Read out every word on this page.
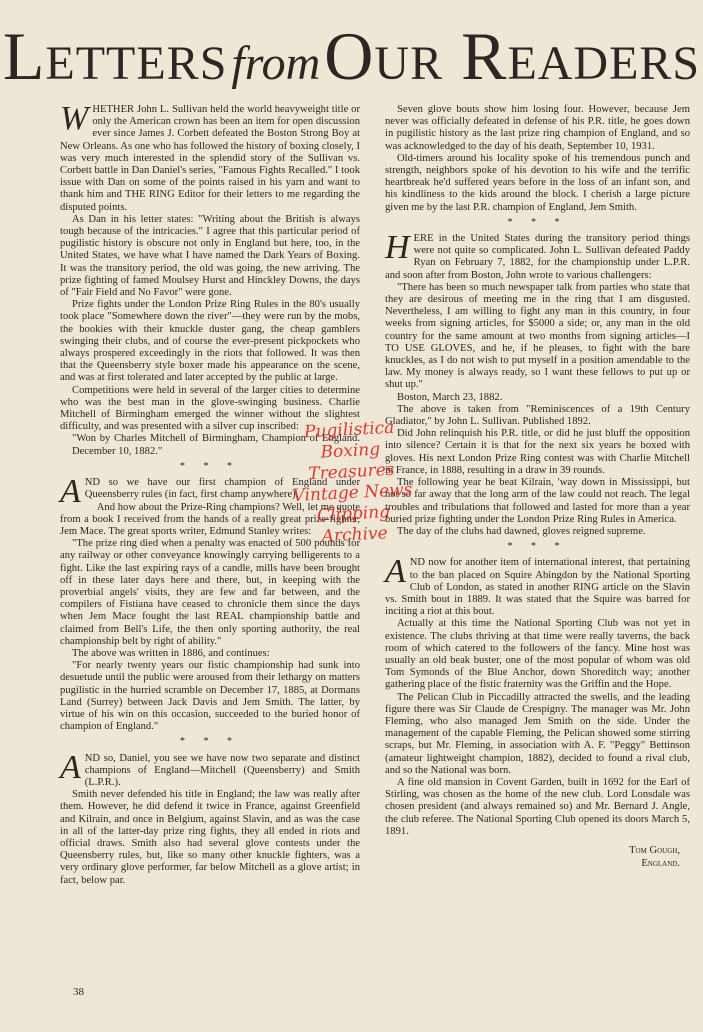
Letters from Our Readers

WHETHER John L. Sullivan held the world heavyweight title or only the American crown has been an item for open discussion ever since James J. Corbett defeated the Boston Strong Boy at New Orleans. As one who has followed the history of boxing closely, I was very much interested in the splendid story of the Sullivan vs. Corbett battle in Dan Daniel's series, "Famous Fights Recalled." I took issue with Dan on some of the points raised in his yarn and want to thank him and THE RING Editor for their letters to me regarding the disputed points.

As Dan in his letter states: "Writing about the British is always tough because of the intricacies." I agree that this particular period of pugilistic history is obscure not only in England but here, too, in the United States, we have what I have named the Dark Years of Boxing. It was the transitory period, the old was going, the new arriving. The prize fighting of famed Moulsey Hurst and Hinckley Downs, the days of "Fair Field and No Favor" were gone.

Prize fights under the London Prize Ring Rules in the 80's usually took place "Somewhere down the river"—they were run by the mobs, the bookies with their knuckle duster gang, the cheap gamblers swinging their clubs, and of course the ever-present pickpockets who always prospered exceedingly in the riots that followed. It was then that the Queensberry style boxer made his appearance on the scene, and was at first tolerated and later accepted by the public at large.

Competitions were held in several of the larger cities to determine who was the best man in the glove-swinging business. Charlie Mitchell of Birmingham emerged the winner without the slightest difficulty, and was presented with a silver cup inscribed:

"Won by Charles Mitchell of Birmingham, Champion of England. December 10, 1882."

* * *

AND so we have our first champion of England under Queensberry rules (in fact, first champ anywhere).

And how about the Prize-Ring champions? Well, let me quote from a book I received from the hands of a really great prize-fighter, Jem Mace. The great sports writer, Edmund Stanley writes:

"The prize ring died when a penalty was enacted of 500 pounds for any railway or other conveyance knowingly carrying belligerents to a fight. Like the last expiring rays of a candle, mills have been brought off in these later days here and there, but, in keeping with the proverbial angels' visits, they are few and far between, and the compilers of Fistiana have ceased to chronicle them since the days when Jem Mace fought the last REAL championship battle and claimed from Bell's Life, the then only sporting authority, the real championship belt by right of ability."

The above was written in 1886, and continues:

"For nearly twenty years our fistic championship had sunk into desuetude until the public were aroused from their lethargy on matters pugilistic in the hurried scramble on December 17, 1885, at Dormans Land (Surrey) between Jack Davis and Jem Smith. The latter, by virtue of his win on this occasion, succeeded to the buried honor of champion of England."

* * *

AND so, Daniel, you see we have now two separate and distinct champions of England—Mitchell (Queensberry) and Smith (L.P.R.).

Smith never defended his title in England; the law was really after them. However, he did defend it twice in France, against Greenfield and Kilrain, and once in Belgium, against Slavin, and as was the case in all of the latter-day prize ring fights, they all ended in riots and official draws. Smith also had several glove contests under the Queensberry rules, but, like so many other knuckle fighters, was a very ordinary glove performer, far below Mitchell as a glove artist; in fact, below par.

Seven glove bouts show him losing four. However, because Jem never was officially defeated in defense of his P.R. title, he goes down in pugilistic history as the last prize ring champion of England, and so was acknowledged to the day of his death, September 10, 1931.

Old-timers around his locality spoke of his tremendous punch and strength, neighbors spoke of his devotion to his wife and the terrific heartbreak he'd suffered years before in the loss of an infant son, and his kindliness to the kids around the block. I cherish a large picture given me by the last P.R. champion of England, Jem Smith.

* * *

HERE in the United States during the transitory period things were not quite so complicated. John L. Sullivan defeated Paddy Ryan on February 7, 1882, for the championship under L.P.R. and soon after from Boston, John wrote to various challengers:

"There has been so much newspaper talk from parties who state that they are desirous of meeting me in the ring that I am disgusted. Nevertheless, I am willing to fight any man in this country, in four weeks from signing articles, for $5000 a side; or, any man in the old country for the same amount at two months from signing articles—I TO USE GLOVES, and he, if he pleases, to fight with the bare knuckles, as I do not wish to put myself in a position amendable to the law. My money is always ready, so I want these fellows to put up or shut up."

Boston, March 23, 1882.

The above is taken from "Reminiscences of a 19th Century Gladiator," by John L. Sullivan. Published 1892.

Did John relinquish his P.R. title, or did he just bluff the opposition into silence? Certain it is that for the next six years he boxed with gloves. His next London Prize Ring contest was with Charlie Mitchell in France, in 1888, resulting in a draw in 39 rounds.

The following year he beat Kilrain, 'way down in Mississippi, but not so far away that the long arm of the law could not reach. The legal troubles and tribulations that followed and lasted for more than a year buried prize fighting under the London Prize Ring Rules in America.

The day of the clubs had dawned, gloves reigned supreme.

* * *

AND now for another item of international interest, that pertaining to the ban placed on Squire Abingdon by the National Sporting Club of London, as stated in another RING article on the Slavin vs. Smith bout in 1889. It was stated that the Squire was barred for inciting a riot at this bout.

Actually at this time the National Sporting Club was not yet in existence. The clubs thriving at that time were really taverns, the back room of which catered to the followers of the fancy. Mine host was usually an old beak buster, one of the most popular of whom was old Tom Symonds of the Blue Anchor, down Shoreditch way; another gathering place of the fistic fraternity was the Griffin and the Hope.

The Pelican Club in Piccadilly attracted the swells, and the leading figure there was Sir Claude de Crespigny. The manager was Mr. John Fleming, who also managed Jem Smith on the side. Under the management of the capable Fleming, the Pelican showed some stirring scraps, but Mr. Fleming, in association with A. F. "Peggy" Bettinson (amateur lightweight champion, 1882), decided to found a rival club, and so the National was born.

A fine old mansion in Covent Garden, built in 1692 for the Earl of Stirling, was chosen as the home of the new club. Lord Lonsdale was chosen president (and always remained so) and Mr. Bernard J. Angle, the club referee. The National Sporting Club opened its doors March 5, 1891.

Tom Gough,
England.
Pugilistica Boxing Treasures Vintage News Clipping Archive
38
